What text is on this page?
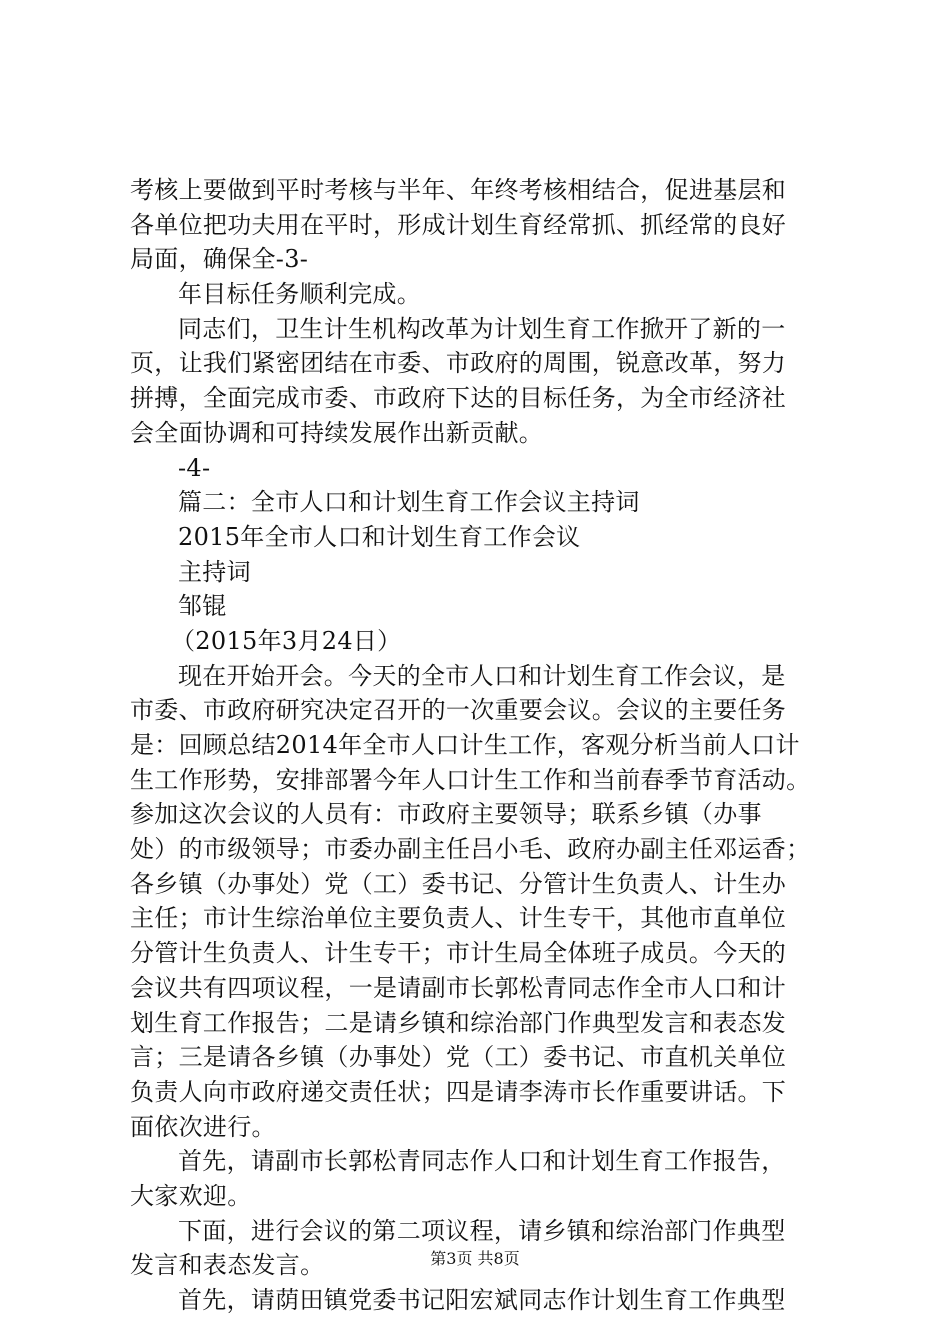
考核上要做到平时考核与半年、年终考核相结合，促进基层和
各单位把功夫用在平时，形成计划生育经常抓、抓经常的良好
局面，确保全-3-
年目标任务顺利完成。
同志们，卫生计生机构改革为计划生育工作掀开了新的一
页，让我们紧密团结在市委、市政府的周围，锐意改革，努力
拼搏，全面完成市委、市政府下达的目标任务，为全市经济社
会全面协调和可持续发展作出新贡献。
-4-
篇二：全市人口和计划生育工作会议主持词
2015年全市人口和计划生育工作会议
主持词
邹锟
（2015年3月24日）
现在开始开会。今天的全市人口和计划生育工作会议，是
市委、市政府研究决定召开的一次重要会议。会议的主要任务
是：回顾总结2014年全市人口计生工作，客观分析当前人口计
生工作形势，安排部署今年人口计生工作和当前春季节育活动。
参加这次会议的人员有：市政府主要领导；联系乡镇（办事
处）的市级领导；市委办副主任吕小毛、政府办副主任邓运香；
各乡镇（办事处）党（工）委书记、分管计生负责人、计生办
主任；市计生综治单位主要负责人、计生专干，其他市直单位
分管计生负责人、计生专干；市计生局全体班子成员。今天的
会议共有四项议程，一是请副市长郭松青同志作全市人口和计
划生育工作报告；二是请乡镇和综治部门作典型发言和表态发
言；三是请各乡镇（办事处）党（工）委书记、市直机关单位
负责人向市政府递交责任状；四是请李涛市长作重要讲话。下
面依次进行。
首先，请副市长郭松青同志作人口和计划生育工作报告，
大家欢迎。
下面，进行会议的第二项议程，请乡镇和综治部门作典型
发言和表态发言。
首先，请荫田镇党委书记阳宏斌同志作计划生育工作典型
第3页 共8页
